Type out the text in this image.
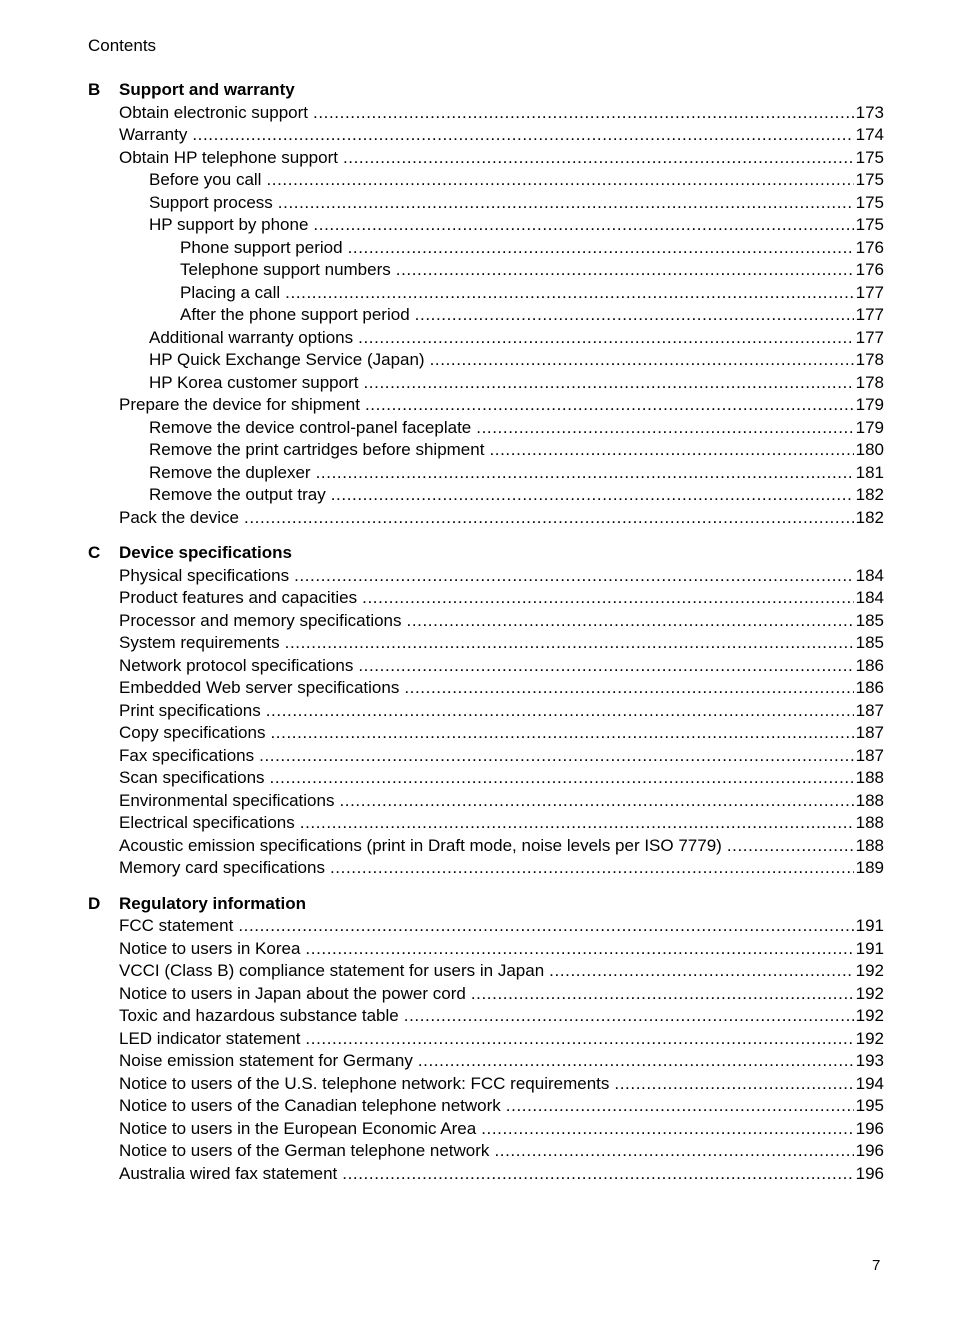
Contents
B	Support and warranty
Obtain electronic support .....	173
Warranty .....	174
Obtain HP telephone support .....	175
Before you call .....	175
Support process .....	175
HP support by phone .....	175
Phone support period .....	176
Telephone support numbers .....	176
Placing a call .....	177
After the phone support period .....	177
Additional warranty options .....	177
HP Quick Exchange Service (Japan) .....	178
HP Korea customer support .....	178
Prepare the device for shipment .....	179
Remove the device control-panel faceplate .....	179
Remove the print cartridges before shipment .....	180
Remove the duplexer .....	181
Remove the output tray .....	182
Pack the device .....	182
C	Device specifications
Physical specifications .....	184
Product features and capacities .....	184
Processor and memory specifications .....	185
System requirements .....	185
Network protocol specifications .....	186
Embedded Web server specifications .....	186
Print specifications .....	187
Copy specifications .....	187
Fax specifications .....	187
Scan specifications .....	188
Environmental specifications .....	188
Electrical specifications .....	188
Acoustic emission specifications (print in Draft mode, noise levels per ISO 7779) .....	188
Memory card specifications .....	189
D	Regulatory information
FCC statement .....	191
Notice to users in Korea .....	191
VCCI (Class B) compliance statement for users in Japan .....	192
Notice to users in Japan about the power cord .....	192
Toxic and hazardous substance table .....	192
LED indicator statement .....	192
Noise emission statement for Germany .....	193
Notice to users of the U.S. telephone network: FCC requirements .....	194
Notice to users of the Canadian telephone network .....	195
Notice to users in the European Economic Area .....	196
Notice to users of the German telephone network .....	196
Australia wired fax statement .....	196
7
